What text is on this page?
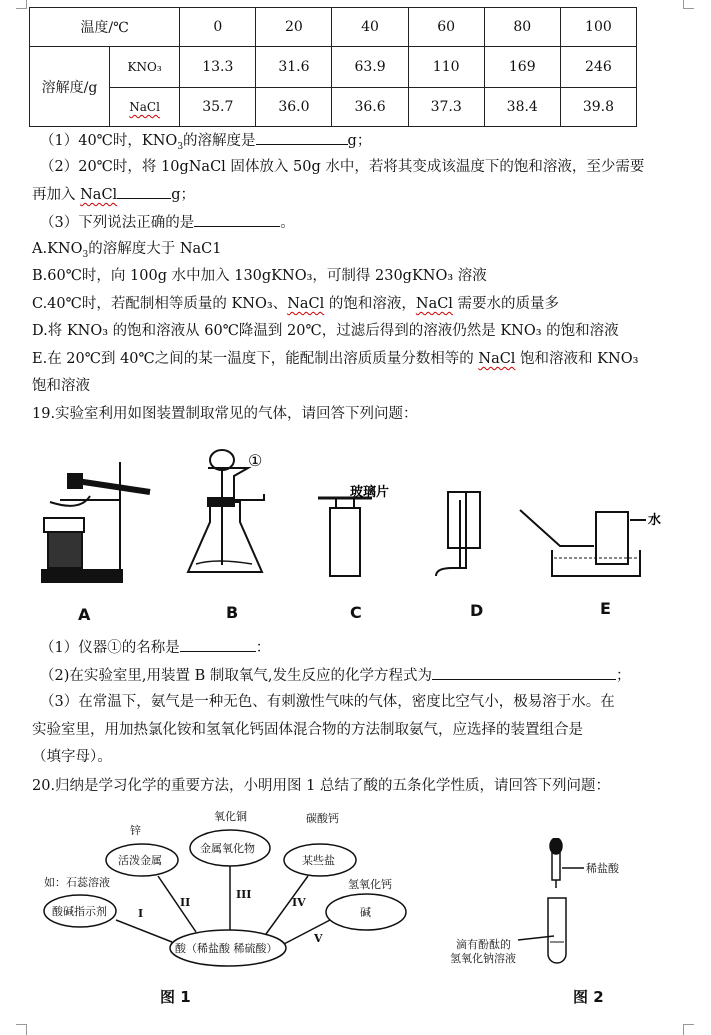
温度/℃		0	20	40	60	80	100
溶解度/g	KNO₃	13.3	31.6	63.9	110	169	246
	NaCl	35.7	36.0	36.6	37.3	38.4	39.8
（1）40℃时，$KNO_3$的溶解度是	g；
（2）20℃时，将 10gNaCl 固体放入 50g 水中，若将其变成该温度下的饱和溶液，至少需要
再加入 NaCl	g；
（3）下列说法正确的是	。
$A.KNO_3$的溶解度大于 NaC1
B.60℃时，向 100g 水中加入 130gKNO₃，可制得 230gKNO₃ 溶液
C.40℃时，若配制相等质量的 KNO₃、NaCl 的饱和溶液，NaCl 需要水的质量多
D.将 KNO₃ 的饱和溶液从 60℃降温到 20℃，过滤后得到的溶液仍然是 KNO₃ 的饱和溶液
E.在 20℃到 40℃之间的某一温度下，能配制出溶质质量分数相等的 NaCl 饱和溶液和 KNO₃
饱和溶液
19.实验室利用如图装置制取常见的气体，请回答下列问题：
A	B	C	D	E
①
玻璃片
水
（1）仪器①的名称是	：
（2)在实验室里,用装置 B 制取氧气,发生反应的化学方程式为	；
（3）在常温下，氨气是一种无色、有刺激性气味的气体，密度比空气小，极易溶于水。在
实验室里，用加热氯化铵和氢氧化钙固体混合物的方法制取氨气，应选择的装置组合是
（填字母）。
20.归纳是学习化学的重要方法，小明用图 1 总结了酸的五条化学性质，请回答下列问题：
如：石蕊溶液
酸碱指示剂	I
锌
活泼金属
II
氧化铜
金属氧化物
III
碳酸钙
某些盐
IV
氢氧化钙
碱
V
酸（稀盐酸 稀硫酸）
图 1
稀盐酸
滴有酚酞的
氢氧化钠溶液
图 2
